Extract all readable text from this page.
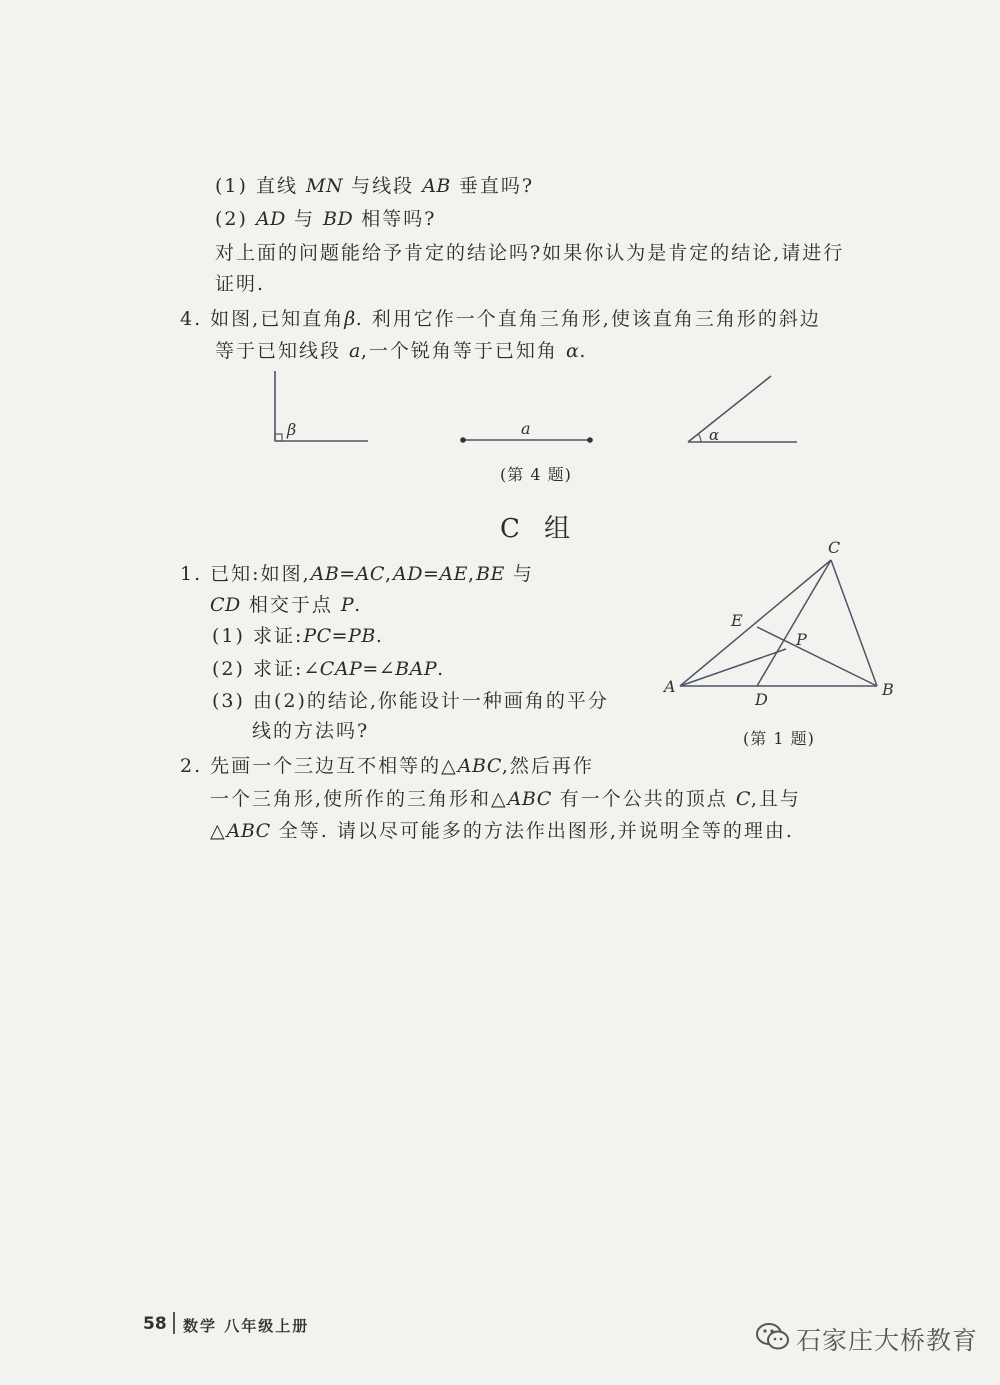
(1) 直线 MN 与线段 AB 垂直吗?
(2) AD 与 BD 相等吗?
对上面的问题能给予肯定的结论吗?如果你认为是肯定的结论,请进行
证明.
4. 如图,已知直角β. 利用它作一个直角三角形,使该直角三角形的斜边
等于已知线段 a,一个锐角等于已知角 α.
β	a	α
A	B
C
D
E
P
(第 4 题)
C 组
1. 已知:如图,AB=AC,AD=AE,BE 与
CD 相交于点 P.
(1) 求证:PC=PB.
(2) 求证:∠CAP=∠BAP.
(3) 由(2)的结论,你能设计一种画角的平分
线的方法吗?	(第 1 题)
2. 先画一个三边互不相等的△ABC,然后再作
一个三角形,使所作的三角形和△ABC 有一个公共的顶点 C,且与
△ABC 全等. 请以尽可能多的方法作出图形,并说明全等的理由.
58 数学 八年级上册	石家庄大桥教育
